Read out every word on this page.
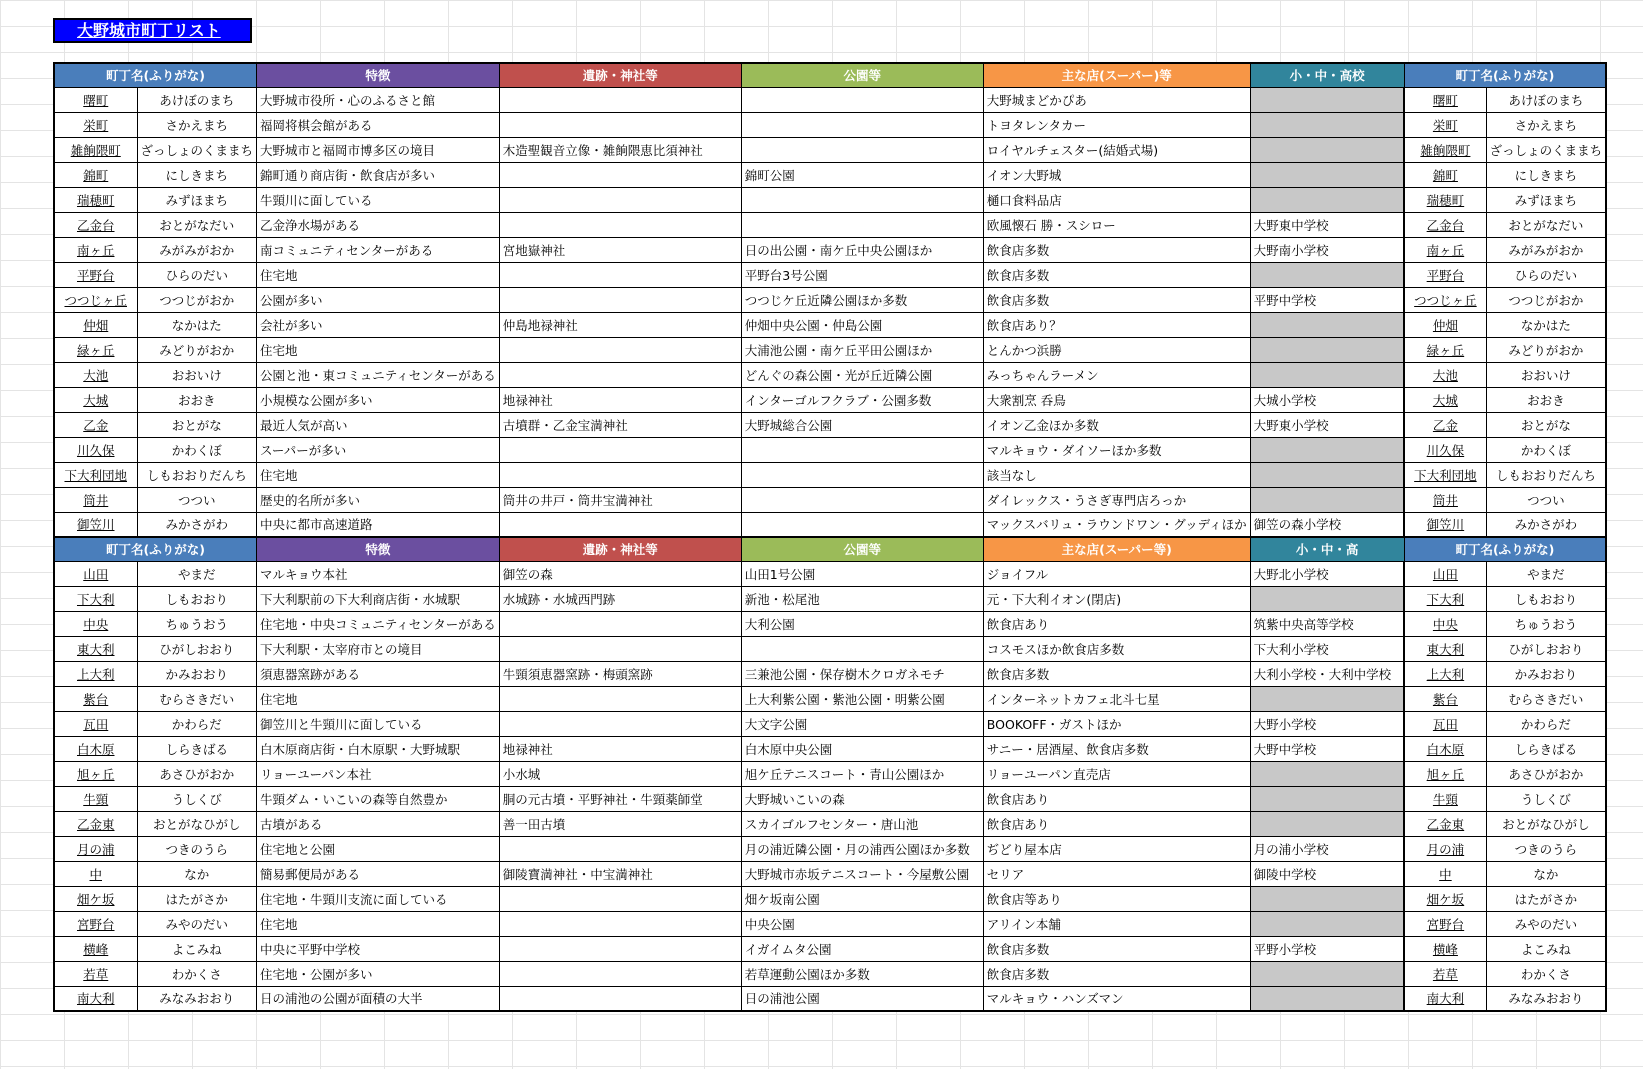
大野城市町丁リスト
町丁名(ふりがな)		特徴	遺跡・神社等	公園等	主な店(スーパー)等	小・中・高校	町丁名(ふりがな)	
曙町	あけぼのまち	大野城市役所・心のふるさと館			大野城まどかぴあ		曙町	あけぼのまち
栄町	さかえまち	福岡将棋会館がある			トヨタレンタカー		栄町	さかえまち
雑餉隈町	ざっしょのくままち	大野城市と福岡市博多区の境目	木造聖観音立像・雑餉隈恵比須神社		ロイヤルチェスター(結婚式場)		雑餉隈町	ざっしょのくままち
錦町	にしきまち	錦町通り商店街・飲食店が多い		錦町公園	イオン大野城		錦町	にしきまち
瑞穂町	みずほまち	牛頸川に面している			樋口食料品店		瑞穂町	みずほまち
乙金台	おとがなだい	乙金浄水場がある			欧風懐石 勝・スシロー	大野東中学校	乙金台	おとがなだい
南ヶ丘	みがみがおか	南コミュニティセンターがある	宮地嶽神社	日の出公園・南ケ丘中央公園ほか	飲食店多数	大野南小学校	南ヶ丘	みがみがおか
平野台	ひらのだい	住宅地		平野台3号公園	飲食店多数		平野台	ひらのだい
つつじヶ丘	つつじがおか	公園が多い		つつじケ丘近隣公園ほか多数	飲食店多数	平野中学校	つつじヶ丘	つつじがおか
仲畑	なかはた	会社が多い	仲島地禄神社	仲畑中央公園・仲島公園	飲食店あり？		仲畑	なかはた
緑ヶ丘	みどりがおか	住宅地		大浦池公園・南ケ丘平田公園ほか	とんかつ浜勝		緑ヶ丘	みどりがおか
大池	おおいけ	公園と池・東コミュニティセンターがある		どんぐの森公園・光が丘近隣公園	みっちゃんラーメン		大池	おおいけ
大城	おおき	小規模な公園が多い	地禄神社	インターゴルフクラブ・公園多数	大衆割烹 呑鳥	大城小学校	大城	おおき
乙金	おとがな	最近人気が高い	古墳群・乙金宝満神社	大野城総合公園	イオン乙金ほか多数	大野東小学校	乙金	おとがな
川久保	かわくぼ	スーパーが多い			マルキョウ・ダイソーほか多数		川久保	かわくぼ
下大利団地	しもおおりだんち	住宅地			該当なし		下大利団地	しもおおりだんち
筒井	つつい	歴史的名所が多い	筒井の井戸・筒井宝満神社		ダイレックス・うさぎ専門店ろっか		筒井	つつい
御笠川	みかさがわ	中央に都市高速道路			マックスバリュ・ラウンドワン・グッディほか	御笠の森小学校	御笠川	みかさがわ
町丁名(ふりがな)		特徴	遺跡・神社等	公園等	主な店(スーパー等)	小・中・高	町丁名(ふりがな)	
山田	やまだ	マルキョウ本社	御笠の森	山田1号公園	ジョイフル	大野北小学校	山田	やまだ
下大利	しもおおり	下大利駅前の下大利商店街・水城駅	水城跡・水城西門跡	新池・松尾池	元・下大利イオン(閉店)		下大利	しもおおり
中央	ちゅうおう	住宅地・中央コミュニティセンターがある		大利公園	飲食店あり	筑紫中央高等学校	中央	ちゅうおう
東大利	ひがしおおり	下大利駅・太宰府市との境目			コスモスほか飲食店多数	下大利小学校	東大利	ひがしおおり
上大利	かみおおり	須恵器窯跡がある	牛頸須恵器窯跡・梅頭窯跡	三兼池公園・保存樹木クロガネモチ	飲食店多数	大利小学校・大利中学校	上大利	かみおおり
紫台	むらさきだい	住宅地		上大利紫公園・紫池公園・明紫公園	インターネットカフェ北斗七星		紫台	むらさきだい
瓦田	かわらだ	御笠川と牛頸川に面している		大文字公園	BOOKOFF・ガストほか	大野小学校	瓦田	かわらだ
白木原	しらきばる	白木原商店街・白木原駅・大野城駅	地禄神社	白木原中央公園	サニー・居酒屋、飲食店多数	大野中学校	白木原	しらきばる
旭ヶ丘	あさひがおか	リョーユーパン本社	小水城	旭ケ丘テニスコート・青山公園ほか	リョーユーパン直売店		旭ヶ丘	あさひがおか
牛頸	うしくび	牛頸ダム・いこいの森等自然豊か	胴の元古墳・平野神社・牛頸薬師堂	大野城いこいの森	飲食店あり		牛頸	うしくび
乙金東	おとがなひがし	古墳がある	善一田古墳	スカイゴルフセンター・唐山池	飲食店あり		乙金東	おとがなひがし
月の浦	つきのうら	住宅地と公園		月の浦近隣公園・月の浦西公園ほか多数	ぢどり屋本店	月の浦小学校	月の浦	つきのうら
中	なか	簡易郵便局がある	御陵寶満神社・中宝満神社	大野城市赤坂テニスコート・今屋敷公園	セリア	御陵中学校	中	なか
畑ケ坂	はたがさか	住宅地・牛頸川支流に面している		畑ケ坂南公園	飲食店等あり		畑ケ坂	はたがさか
宮野台	みやのだい	住宅地		中央公園	アリイン本舗		宮野台	みやのだい
横峰	よこみね	中央に平野中学校		イガイムタ公園	飲食店多数	平野小学校	横峰	よこみね
若草	わかくさ	住宅地・公園が多い		若草運動公園ほか多数	飲食店多数		若草	わかくさ
南大利	みなみおおり	日の浦池の公園が面積の大半		日の浦池公園	マルキョウ・ハンズマン		南大利	みなみおおり
